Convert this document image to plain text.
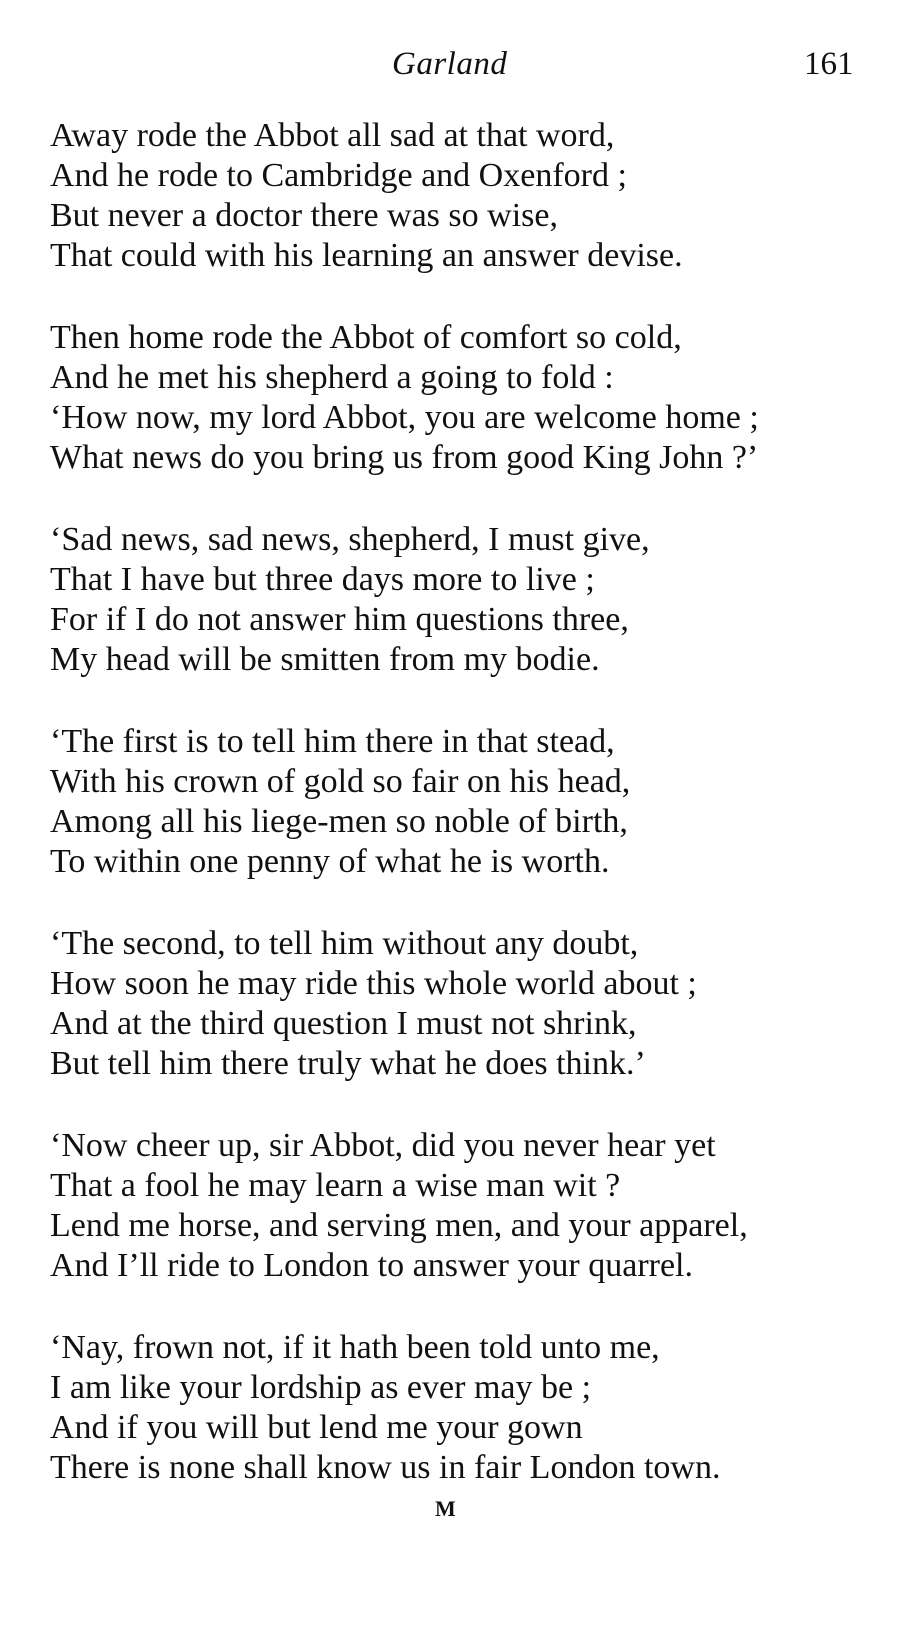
Garland	161
Away rode the Abbot all sad at that word,
And he rode to Cambridge and Oxenford ;
But never a doctor there was so wise,
That could with his learning an answer devise.
Then home rode the Abbot of comfort so cold,
And he met his shepherd a going to fold :
‘How now, my lord Abbot, you are welcome home ;
What news do you bring us from good King John ?’
‘Sad news, sad news, shepherd, I must give,
That I have but three days more to live ;
For if I do not answer him questions three,
My head will be smitten from my bodie.
‘The first is to tell him there in that stead,
With his crown of gold so fair on his head,
Among all his liege-men so noble of birth,
To within one penny of what he is worth.
‘The second, to tell him without any doubt,
How soon he may ride this whole world about ;
And at the third question I must not shrink,
But tell him there truly what he does think.’
‘Now cheer up, sir Abbot, did you never hear yet
That a fool he may learn a wise man wit ?
Lend me horse, and serving men, and your apparel,
And I’ll ride to London to answer your quarrel.
‘Nay, frown not, if it hath been told unto me,
I am like your lordship as ever may be ;
And if you will but lend me your gown
There is none shall know us in fair London town.
M
